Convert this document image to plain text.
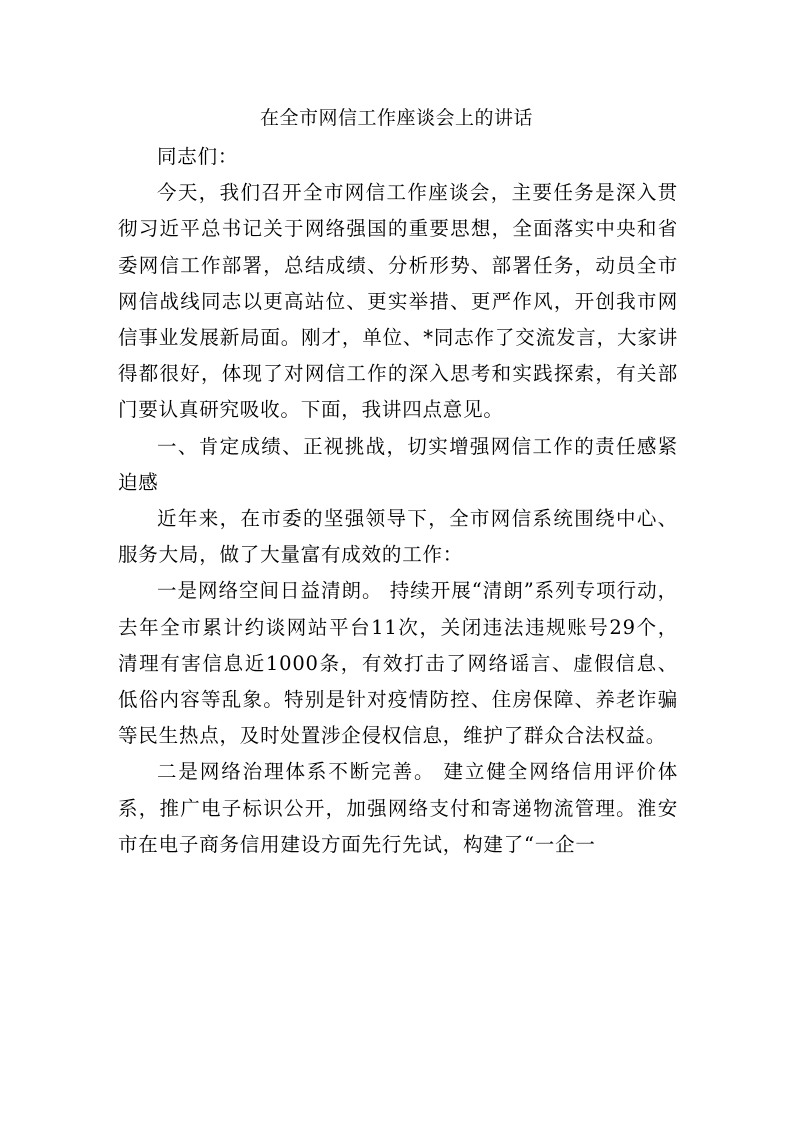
在全市网信工作座谈会上的讲话

同志们：

今天，我们召开全市网信工作座谈会，主要任务是深入贯彻习近平总书记关于网络强国的重要思想，全面落实中央和省委网信工作部署，总结成绩、分析形势、部署任务，动员全市网信战线同志以更高站位、更实举措、更严作风，开创我市网信事业发展新局面。刚才，单位、*同志作了交流发言，大家讲得都很好，体现了对网信工作的深入思考和实践探索，有关部门要认真研究吸收。下面，我讲四点意见。

一、肯定成绩、正视挑战，切实增强网信工作的责任感紧迫感

近年来，在市委的坚强领导下，全市网信系统围绕中心、服务大局，做了大量富有成效的工作：

一是网络空间日益清朗。 持续开展“清朗”系列专项行动，去年全市累计约谈网站平台11次，关闭违法违规账号29个，清理有害信息近1000条，有效打击了网络谣言、虚假信息、低俗内容等乱象。特别是针对疫情防控、住房保障、养老诈骗等民生热点，及时处置涉企侵权信息，维护了群众合法权益。

二是网络治理体系不断完善。 建立健全网络信用评价体系，推广电子标识公开，加强网络支付和寄递物流管理。淮安市在电子商务信用建设方面先行先试，构建了“一企一
